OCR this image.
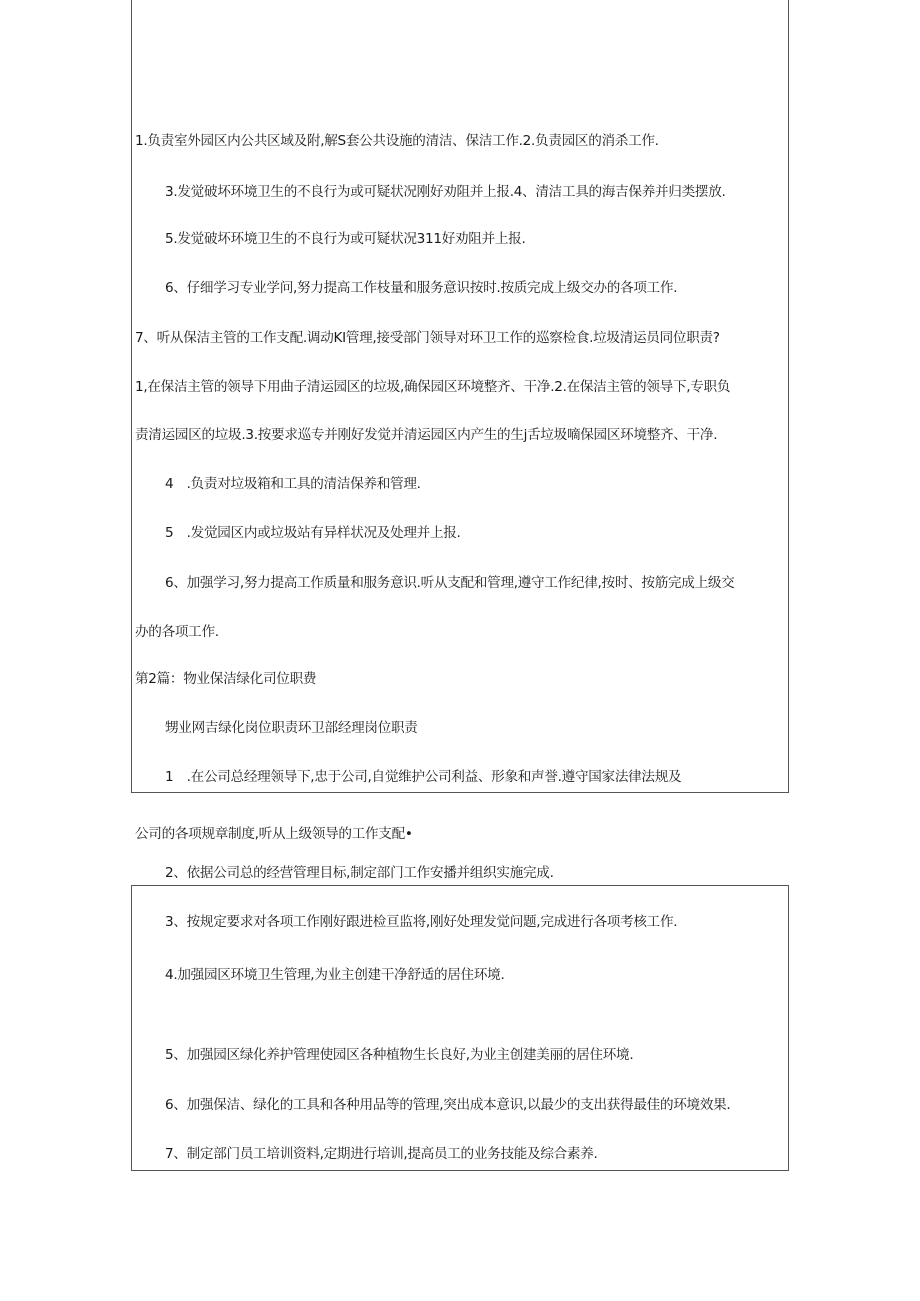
1.负责室外园区内公共区域及附,解S套公共设施的清洁、保洁工作.2.负责园区的消杀工作.
3.发觉破坏环境卫生的不良行为或可疑状况刚好劝阻并上报.4、清洁工具的海吉保养并归类摆放.
5.发觉破坏环境卫生的不良行为或可疑状况311好劝阻并上报.
6、仔细学习专业学问,努力提高工作枝量和服务意识按时.按质完成上级交办的各项工作.
7、听从保洁主管的工作支配.调动KI管理,接受部门领导对环卫工作的巡察检食.垃圾清运员同位职责?
1,在保洁主管的领导下用曲子清运园区的垃圾,确保园区环境整齐、干净.2.在保洁主管的领导下,专职负
责清运园区的垃圾.3.按要求巡专并刚好发觉并清运园区内产生的生j舌垃圾嘀保园区环境整齐、干净.
4　.负责对垃圾箱和工具的清洁保养和管理.
5　.发觉园区内或垃圾站有异样状况及处理并上报.
6、加强学习,努力提高工作质量和服务意识.听从支配和管理,遵守工作纪律,按时、按筋完成上级交
办的各项工作.
第2篇：物业保洁绿化司位职费
甥业网吉绿化岗位职责环卫部经理岗位职责
1　.在公司总经理领导下,忠于公司,自觉维护公司利益、形象和声誉.遵守国家法律法规及
公司的各项规章制度,听从上级领导的工作支配•
2、依据公司总的经营管理目标,制定部门工作安播并组织实施完成.
3、按规定要求对各项工作刚好跟进检亘监将,刚好处理发觉问题,完成进行各项考核工作.
4.加强园区环境卫生管理,为业主创建干净舒适的居住环境.
5、加强园区绿化养护管理使园区各种植物生长良好,为业主创建美丽的居住环境.
6、加强保洁、绿化的工具和各种用品等的管理,突出成本意识,以最少的支出获得最佳的环境效果.
7、制定部门员工培训资料,定期进行培训,提高员工的业务技能及综合素养.
